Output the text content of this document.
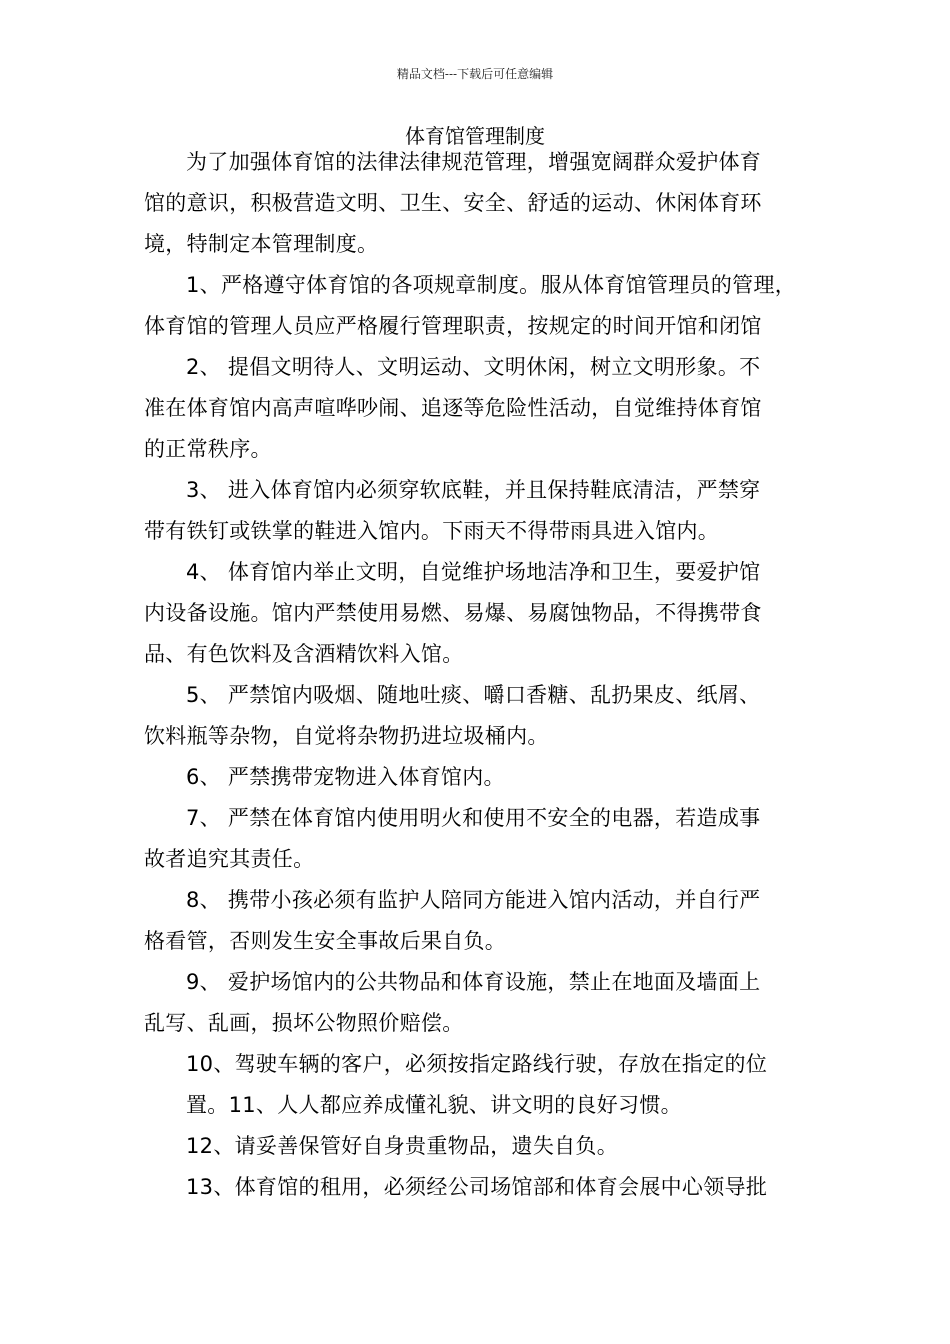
精品文档---下载后可任意编辑
体育馆管理制度
为了加强体育馆的法律法律规范管理，增强宽阔群众爱护体育
馆的意识，积极营造文明、卫生、安全、舒适的运动、休闲体育环
境，特制定本管理制度。
1、严格遵守体育馆的各项规章制度。服从体育馆管理员的管理，
体育馆的管理人员应严格履行管理职责，按规定的时间开馆和闭馆
2、 提倡文明待人、文明运动、文明休闲，树立文明形象。不
准在体育馆内高声喧哗吵闹、追逐等危险性活动，自觉维持体育馆
的正常秩序。
3、 进入体育馆内必须穿软底鞋，并且保持鞋底清洁，严禁穿
带有铁钉或铁掌的鞋进入馆内。下雨天不得带雨具进入馆内。
4、 体育馆内举止文明，自觉维护场地洁净和卫生，要爱护馆
内设备设施。馆内严禁使用易燃、易爆、易腐蚀物品，不得携带食
品、有色饮料及含酒精饮料入馆。
5、 严禁馆内吸烟、随地吐痰、嚼口香糖、乱扔果皮、纸屑、
饮料瓶等杂物，自觉将杂物扔进垃圾桶内。
6、 严禁携带宠物进入体育馆内。
7、 严禁在体育馆内使用明火和使用不安全的电器，若造成事
故者追究其责任。
8、 携带小孩必须有监护人陪同方能进入馆内活动，并自行严
格看管，否则发生安全事故后果自负。
9、 爱护场馆内的公共物品和体育设施，禁止在地面及墙面上
乱写、乱画，损坏公物照价赔偿。
10、驾驶车辆的客户，必须按指定路线行驶，存放在指定的位
置。11、人人都应养成懂礼貌、讲文明的良好习惯。
12、请妥善保管好自身贵重物品，遗失自负。
13、体育馆的租用，必须经公司场馆部和体育会展中心领导批
